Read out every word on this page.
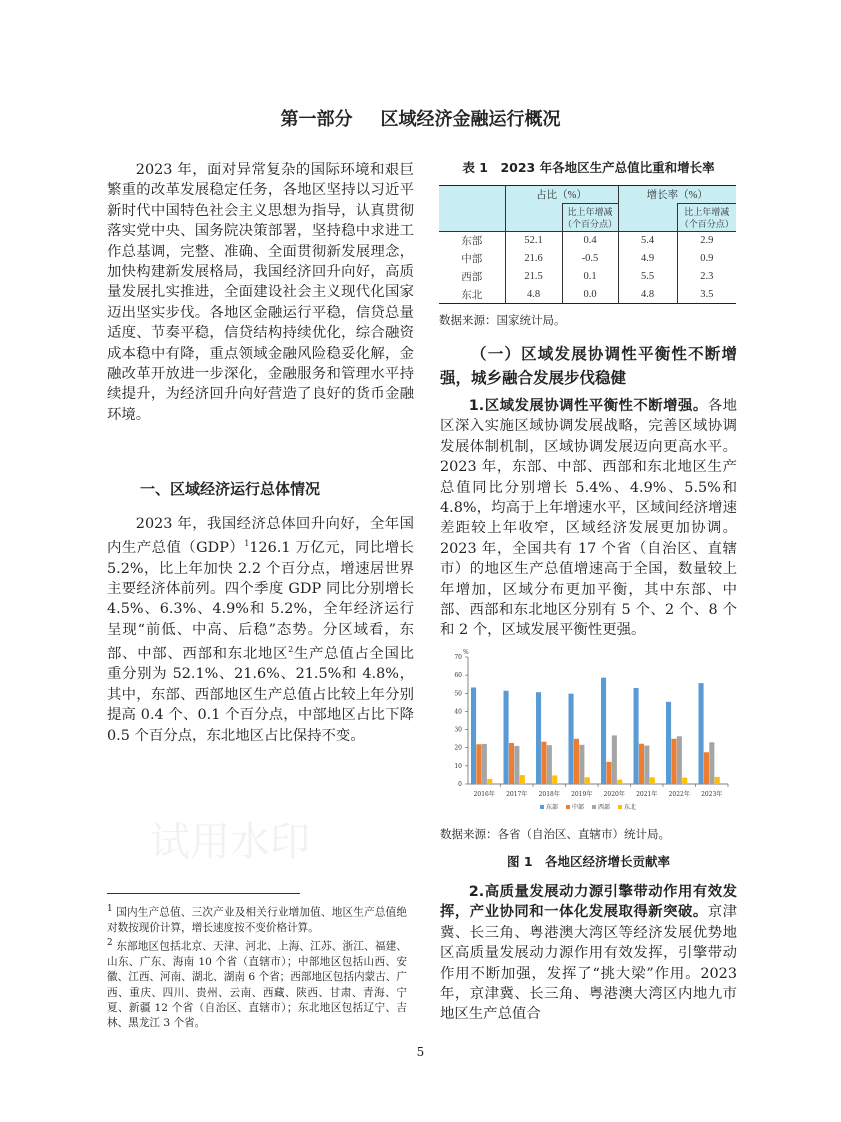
第一部分 区域经济金融运行概况
试用水印

2023 年，面对异常复杂的国际环境和艰巨繁重的改革发展稳定任务，各地区坚持以习近平新时代中国特色社会主义思想为指导，认真贯彻落实党中央、国务院决策部署，坚持稳中求进工作总基调，完整、准确、全面贯彻新发展理念，加快构建新发展格局，我国经济回升向好，高质量发展扎实推进，全面建设社会主义现代化国家迈出坚实步伐。各地区金融运行平稳，信贷总量适度、节奏平稳，信贷结构持续优化，综合融资成本稳中有降，重点领域金融风险稳妥化解，金融改革开放进一步深化，金融服务和管理水平持续提升，为经济回升向好营造了良好的货币金融环境。

一、区域经济运行总体情况

2023 年，我国经济总体回升向好，全年国内生产总值（GDP）$^1$126.1 万亿元，同比增长 5.2%，比上年加快 2.2 个百分点，增速居世界主要经济体前列。四个季度 GDP 同比分别增长 4.5%、6.3%、4.9%和 5.2%，全年经济运行呈现“前低、中高、后稳”态势。分区域看，东部、中部、西部和东北地区$^2$生产总值占全国比重分别为 52.1%、21.6%、21.5%和 4.8%，其中，东部、西部地区生产总值占比较上年分别提高 0.4 个、0.1 个百分点，中部地区占比下降 0.5 个百分点，东北地区占比保持不变。

$^1$ 国内生产总值、三次产业及相关行业增加值、地区生产总值绝对数按现价计算，增长速度按不变价格计算。

$^2$ 东部地区包括北京、天津、河北、上海、江苏、浙江、福建、山东、广东、海南 10 个省（直辖市）；中部地区包括山西、安徽、江西、河南、湖北、湖南 6 个省；西部地区包括内蒙古、广西、重庆、四川、贵州、云南、西藏、陕西、甘肃、青海、宁夏、新疆 12 个省（自治区、直辖市）；东北地区包括辽宁、吉林、黑龙江 3 个省。

表 1　2023 年各地区生产总值比重和增长率
	占比（%）		增长率（%）	
		比上年增减（个百分点）		比上年增减（个百分点）
东部	52.1	0.4	5.4	2.9
中部	21.6	-0.5	4.9	0.9
西部	21.5	0.1	5.5	2.3
东北	4.8	0.0	4.8	3.5
数据来源：国家统计局。
（一）区域发展协调性平衡性不断增强，城乡融合发展步伐稳健

1.区域发展协调性平衡性不断增强。各地区深入实施区域协调发展战略，完善区域协调发展体制机制，区域协调发展迈向更高水平。2023 年，东部、中部、西部和东北地区生产总值同比分别增长 5.4%、4.9%、5.5%和 4.8%，均高于上年增速水平，区域间经济增速差距较上年收窄，区域经济发展更加协调。2023 年，全国共有 17 个省（自治区、直辖市）的地区生产总值增速高于全国，数量较上年增加，区域分布更加平衡，其中东部、中部、西部和东北地区分别有 5 个、2 个、8 个和 2 个，区域发展平衡性更强。

%
0
10
20
30
40
50
60
70
2016年 2017年 2018年 2019年 2020年 2021年 2022年 2023年
东部 中部 西部 东北
数据来源：各省（自治区、直辖市）统计局。
图 1　各地区经济增长贡献率

2.高质量发展动力源引擎带动作用有效发挥，产业协同和一体化发展取得新突破。京津冀、长三角、粤港澳大湾区等经济发展优势地区高质量发展动力源作用有效发挥，引擎带动作用不断加强，发挥了“挑大梁”作用。2023 年，京津冀、长三角、粤港澳大湾区内地九市地区生产总值合

5
